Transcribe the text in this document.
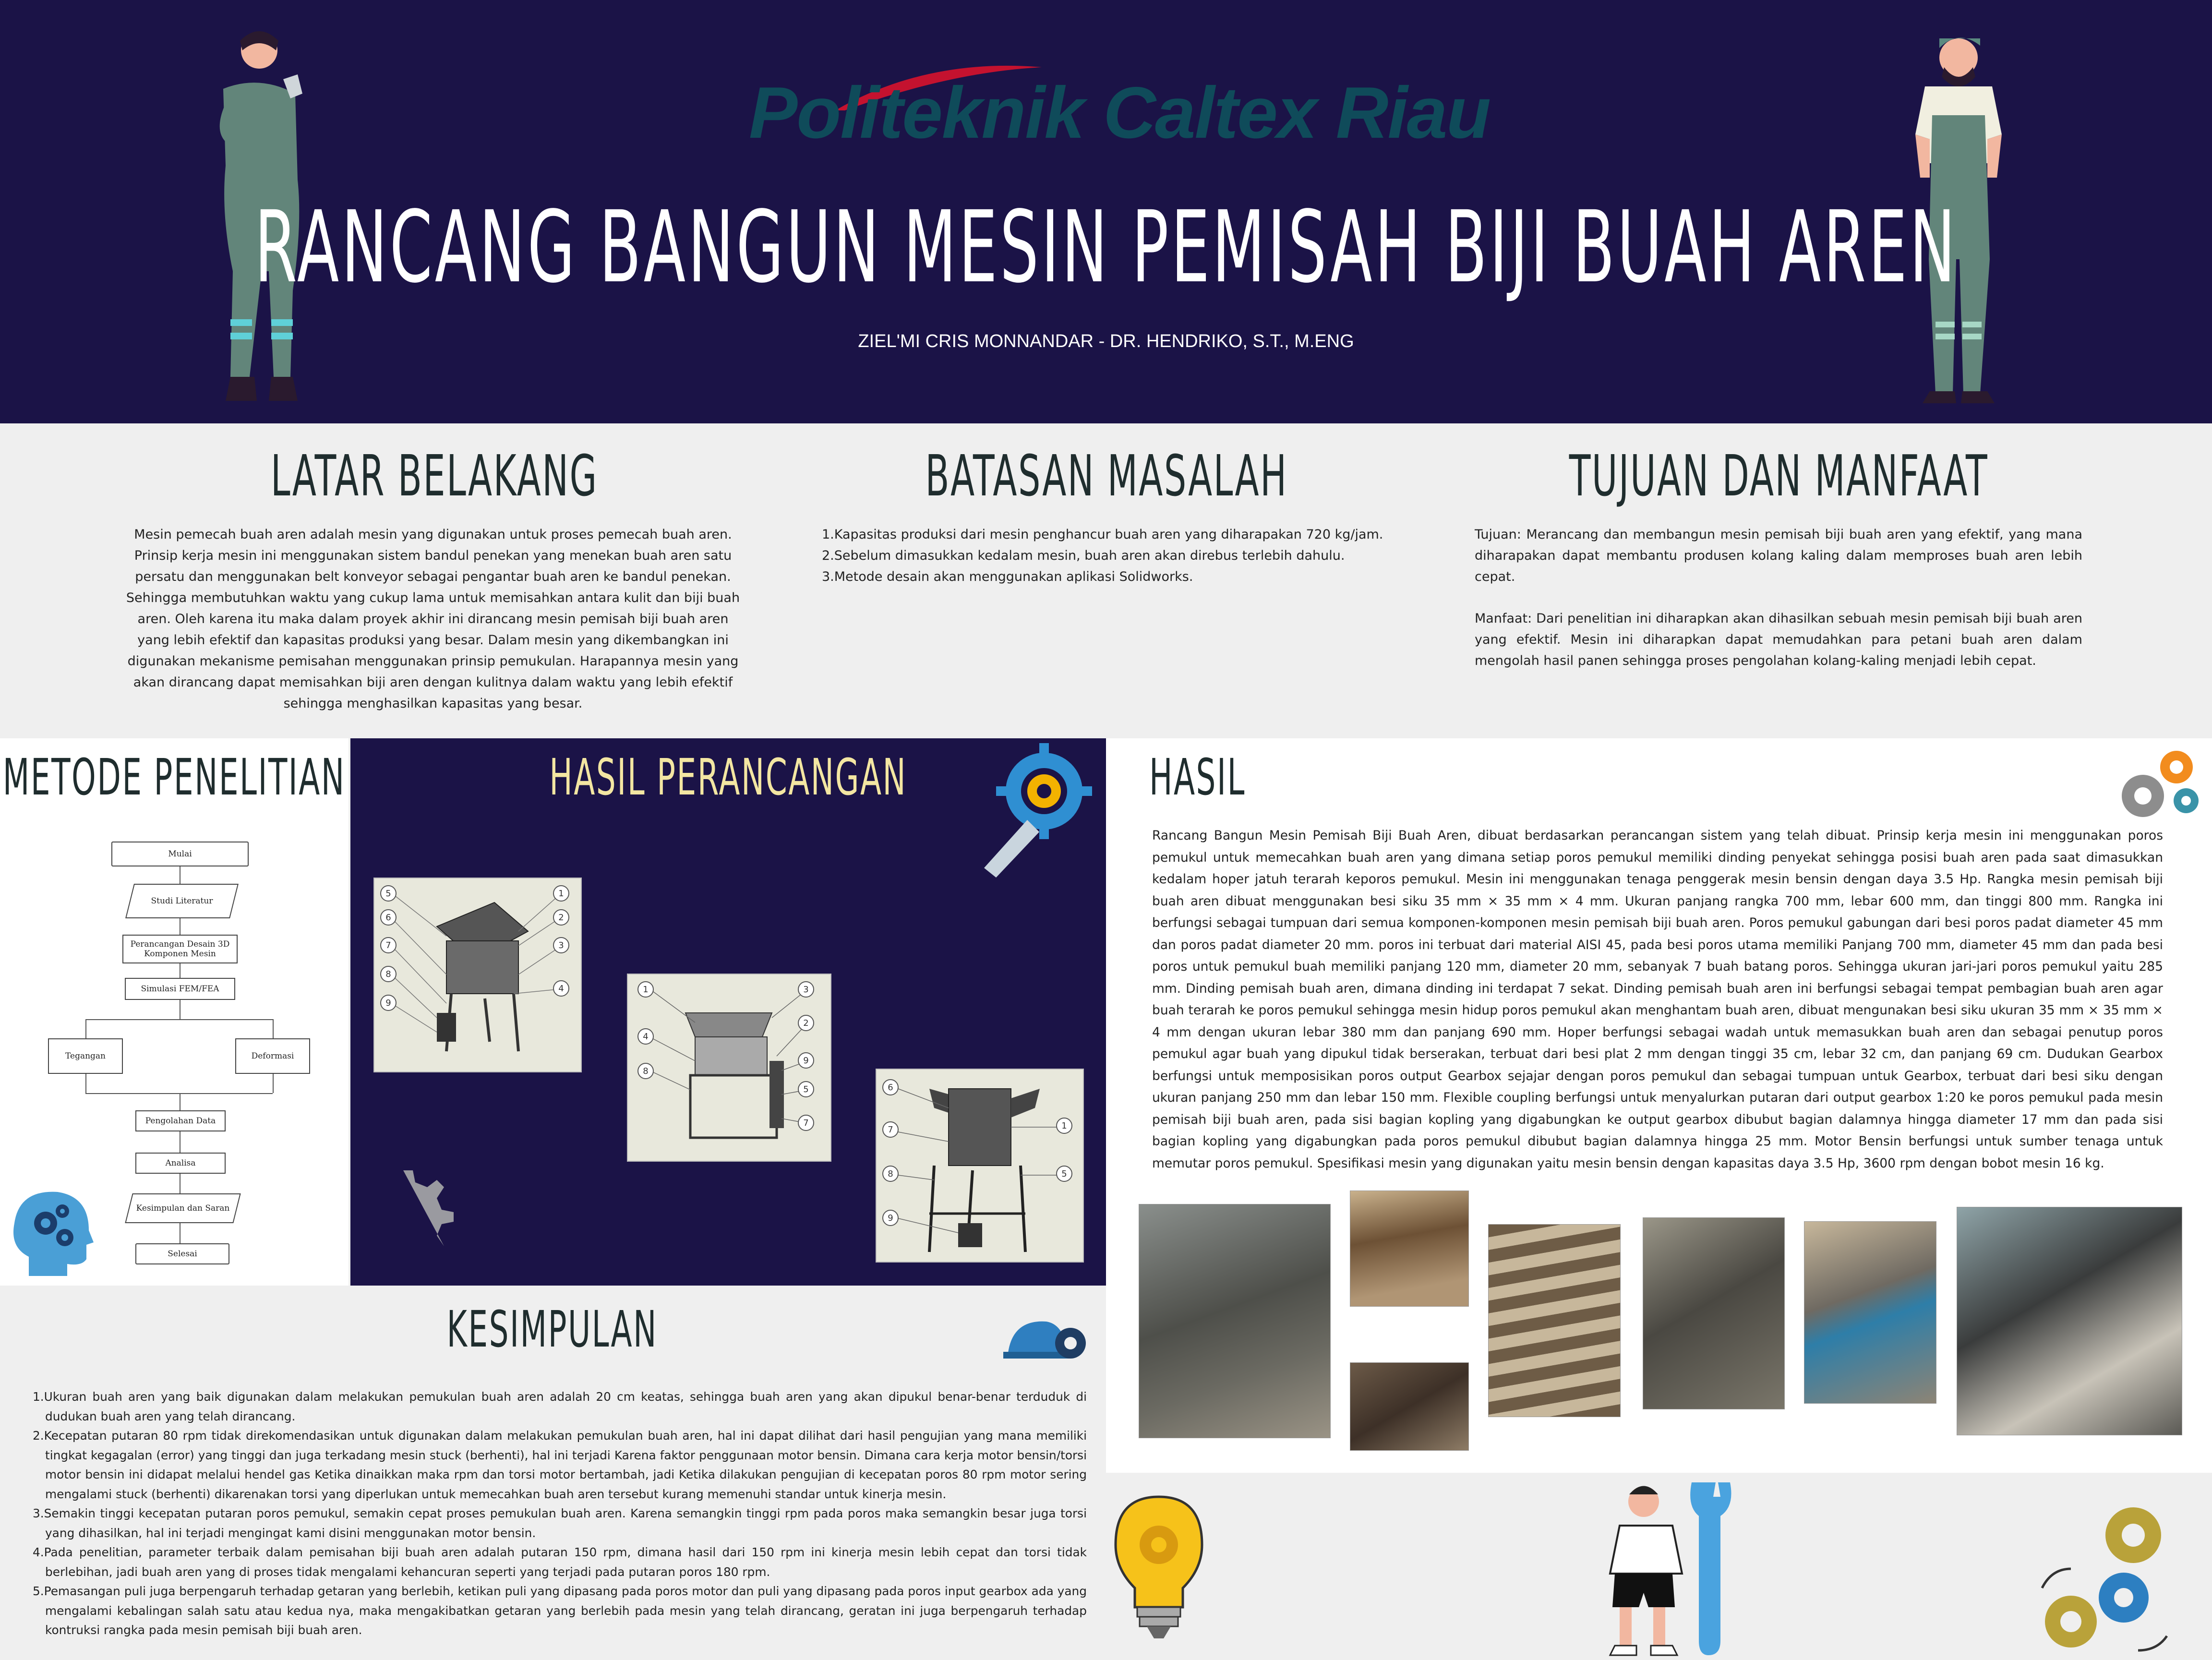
Politeknik Caltex Riau
RANCANG BANGUN MESIN PEMISAH BIJI BUAH AREN
ZIEL'MI CRIS MONNANDAR - DR. HENDRIKO, S.T., M.ENG
LATAR BELAKANG
Mesin pemecah buah aren adalah mesin yang digunakan untuk proses pemecah buah aren. Prinsip kerja mesin ini menggunakan sistem bandul penekan yang menekan buah aren satu persatu dan menggunakan belt konveyor sebagai pengantar buah aren ke bandul penekan. Sehingga membutuhkan waktu yang cukup lama untuk memisahkan antara kulit dan biji buah aren. Oleh karena itu maka dalam proyek akhir ini dirancang mesin pemisah biji buah aren yang lebih efektif dan kapasitas produksi yang besar. Dalam mesin yang dikembangkan ini digunakan mekanisme pemisahan menggunakan prinsip pemukulan. Harapannya mesin yang akan dirancang dapat memisahkan biji aren dengan kulitnya dalam waktu yang lebih efektif sehingga menghasilkan kapasitas yang besar.
BATASAN MASALAH
1.Kapasitas produksi dari mesin penghancur buah aren yang diharapakan 720 kg/jam.
2.Sebelum dimasukkan kedalam mesin, buah aren akan direbus terlebih dahulu.
3.Metode desain akan menggunakan aplikasi Solidworks.
TUJUAN DAN MANFAAT
Tujuan: Merancang dan membangun mesin pemisah biji buah aren yang efektif, yang mana diharapakan dapat membantu produsen kolang kaling dalam memproses buah aren lebih cepat.
Manfaat: Dari penelitian ini diharapkan akan dihasilkan sebuah mesin pemisah biji buah aren yang efektif. Mesin ini diharapkan dapat memudahkan para petani buah aren dalam mengolah hasil panen sehingga proses pengolahan kolang-kaling menjadi lebih cepat.
METODE PENELITIAN
Mulai
Studi Literatur
Perancangan Desain 3D
Komponen Mesin
Simulasi FEM/FEA
Tegangan	Deformasi
Pengolahan Data
Analisa
Kesimpulan dan Saran
Selesai
HASIL PERANCANGAN
5
6
7
8
9
1
2
3
4	1
4
8
3
2
9
5
7
6
7
8
9
1
5
HASIL
Rancang Bangun Mesin Pemisah Biji Buah Aren, dibuat berdasarkan perancangan sistem yang telah dibuat. Prinsip kerja mesin ini menggunakan poros pemukul untuk memecahkan buah aren yang dimana setiap poros pemukul memiliki dinding penyekat sehingga posisi buah aren pada saat dimasukkan kedalam hoper jatuh terarah keporos pemukul. Mesin ini menggunakan tenaga penggerak mesin bensin dengan daya 3.5 Hp. Rangka mesin pemisah biji buah aren dibuat menggunakan besi siku 35 mm × 35 mm × 4 mm. Ukuran panjang rangka 700 mm, lebar 600 mm, dan tinggi 800 mm. Rangka ini berfungsi sebagai tumpuan dari semua komponen-komponen mesin pemisah biji buah aren. Poros pemukul gabungan dari besi poros padat diameter 45 mm dan poros padat diameter 20 mm. poros ini terbuat dari material AISI 45, pada besi poros utama memiliki Panjang 700 mm, diameter 45 mm dan pada besi poros untuk pemukul buah memiliki panjang 120 mm, diameter 20 mm, sebanyak 7 buah batang poros. Sehingga ukuran jari-jari poros pemukul yaitu 285 mm. Dinding pemisah buah aren, dimana dinding ini terdapat 7 sekat. Dinding pemisah buah aren ini berfungsi sebagai tempat pembagian buah aren agar buah terarah ke poros pemukul sehingga mesin hidup poros pemukul akan menghantam buah aren, dibuat mengunakan besi siku ukuran 35 mm × 35 mm × 4 mm dengan ukuran lebar 380 mm dan panjang 690 mm. Hoper berfungsi sebagai wadah untuk memasukkan buah aren dan sebagai penutup poros pemukul agar buah yang dipukul tidak berserakan, terbuat dari besi plat 2 mm dengan tinggi 35 cm, lebar 32 cm, dan panjang 69 cm. Dudukan Gearbox berfungsi untuk memposisikan poros output Gearbox sejajar dengan poros pemukul dan sebagai tumpuan untuk Gearbox, terbuat dari besi siku dengan ukuran panjang 250 mm dan lebar 150 mm. Flexible coupling berfungsi untuk menyalurkan putaran dari output gearbox 1:20 ke poros pemukul pada mesin pemisah biji buah aren, pada sisi bagian kopling yang digabungkan ke output gearbox dibubut bagian dalamnya hingga diameter 17 mm dan pada sisi bagian kopling yang digabungkan pada poros pemukul dibubut bagian dalamnya hingga 25 mm. Motor Bensin berfungsi untuk sumber tenaga untuk memutar poros pemukul. Spesifikasi mesin yang digunakan yaitu mesin bensin dengan kapasitas daya 3.5 Hp, 3600 rpm dengan bobot mesin 16 kg.
KESIMPULAN
1.Ukuran buah aren yang baik digunakan dalam melakukan pemukulan buah aren adalah 20 cm keatas, sehingga buah aren yang akan dipukul benar-benar terduduk di dudukan buah aren yang telah dirancang.
2.Kecepatan putaran 80 rpm tidak direkomendasikan untuk digunakan dalam melakukan pemukulan buah aren, hal ini dapat dilihat dari hasil pengujian yang mana memiliki tingkat kegagalan (error) yang tinggi dan juga terkadang mesin stuck (berhenti), hal ini terjadi Karena faktor penggunaan motor bensin. Dimana cara kerja motor bensin/torsi motor bensin ini didapat melalui hendel gas Ketika dinaikkan maka rpm dan torsi motor bertambah, jadi Ketika dilakukan pengujian di kecepatan poros 80 rpm motor sering mengalami stuck (berhenti) dikarenakan torsi yang diperlukan untuk memecahkan buah aren tersebut kurang memenuhi standar untuk kinerja mesin.
3.Semakin tinggi kecepatan putaran poros pemukul, semakin cepat proses pemukulan buah aren. Karena semangkin tinggi rpm pada poros maka semangkin besar juga torsi yang dihasilkan, hal ini terjadi mengingat kami disini menggunakan motor bensin.
4.Pada penelitian, parameter terbaik dalam pemisahan biji buah aren adalah putaran 150 rpm, dimana hasil dari 150 rpm ini kinerja mesin lebih cepat dan torsi tidak berlebihan, jadi buah aren yang di proses tidak mengalami kehancuran seperti yang terjadi pada putaran poros 180 rpm.
5.Pemasangan puli juga berpengaruh terhadap getaran yang berlebih, ketikan puli yang dipasang pada poros motor dan puli yang dipasang pada poros input gearbox ada yang mengalami kebalingan salah satu atau kedua nya, maka mengakibatkan getaran yang berlebih pada mesin yang telah dirancang, geratan ini juga berpengaruh terhadap kontruksi rangka pada mesin pemisah biji buah aren.
